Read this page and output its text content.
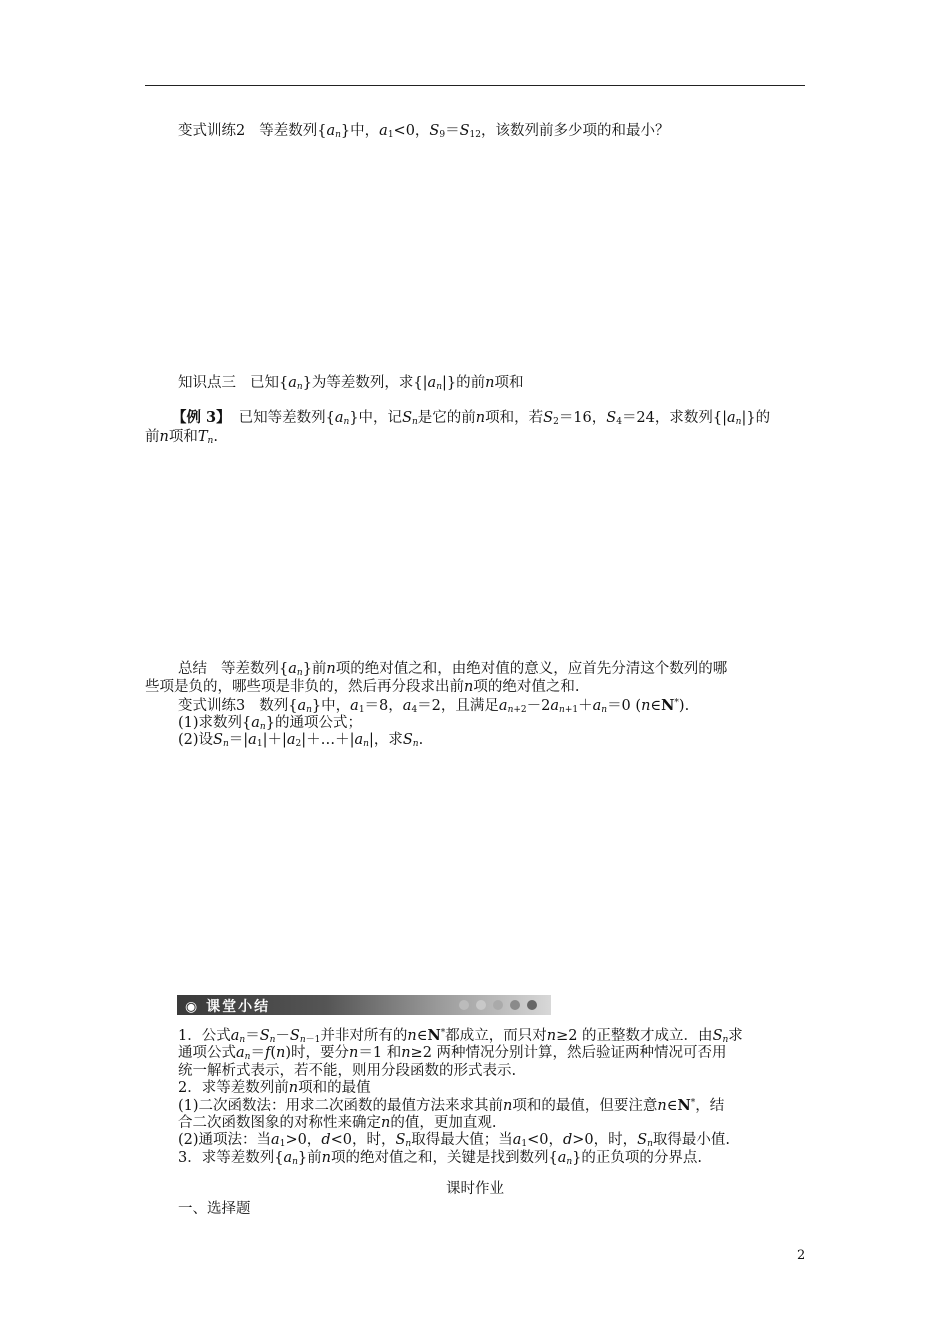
变式训练2 等差数列$\{a_n\}$中，$a_1<0$，$S_9=S_{12}$，该数列前多少项的和最小？
知识点三 已知$\{a_n\}$为等差数列，求$\{|a_n|\}$的前n项和
【例 3】 已知等差数列$\{a_n\}$中，记$S_n$是它的前n项和，若$S_2=16$，$S_4=24$，求数列$\{|a_n|\}$的
前n项和$T_n$.
总结 等差数列$\{a_n\}$前n项的绝对值之和，由绝对值的意义，应首先分清这个数列的哪
些项是负的，哪些项是非负的，然后再分段求出前n项的绝对值之和.
变式训练3 数列$\{a_n\}$中，$a_1=8$，$a_4=2$，且满足$a_{n+2}-2a_{n+1}+a_n=0$ (n∈N*).
(1)求数列$\{a_n\}$的通项公式；
(2)设$S_n=|a_1|+|a_2|+\dots+|a_n|$，求$S_n$.
◉ 课堂小结
1．公式$a_n=S_n-S_{n-1}$并非对所有的n∈N*都成立，而只对n≥2 的正整数才成立．由$S_n$求
通项公式$a_n=f(n)$时，要分n＝1 和n≥2 两种情况分别计算，然后验证两种情况可否用
统一解析式表示，若不能，则用分段函数的形式表示.
2．求等差数列前n项和的最值
(1)二次函数法：用求二次函数的最值方法来求其前n项和的最值，但要注意n∈N*，结
合二次函数图象的对称性来确定n的值，更加直观.
(2)通项法：当$a_1>0$，d<0，时，$S_n$取得最大值；当$a_1<0$，d>0，时，$S_n$取得最小值.
3．求等差数列$\{a_n\}$前n项的绝对值之和，关键是找到数列$\{a_n\}$的正负项的分界点.
课时作业
一、选择题
2
